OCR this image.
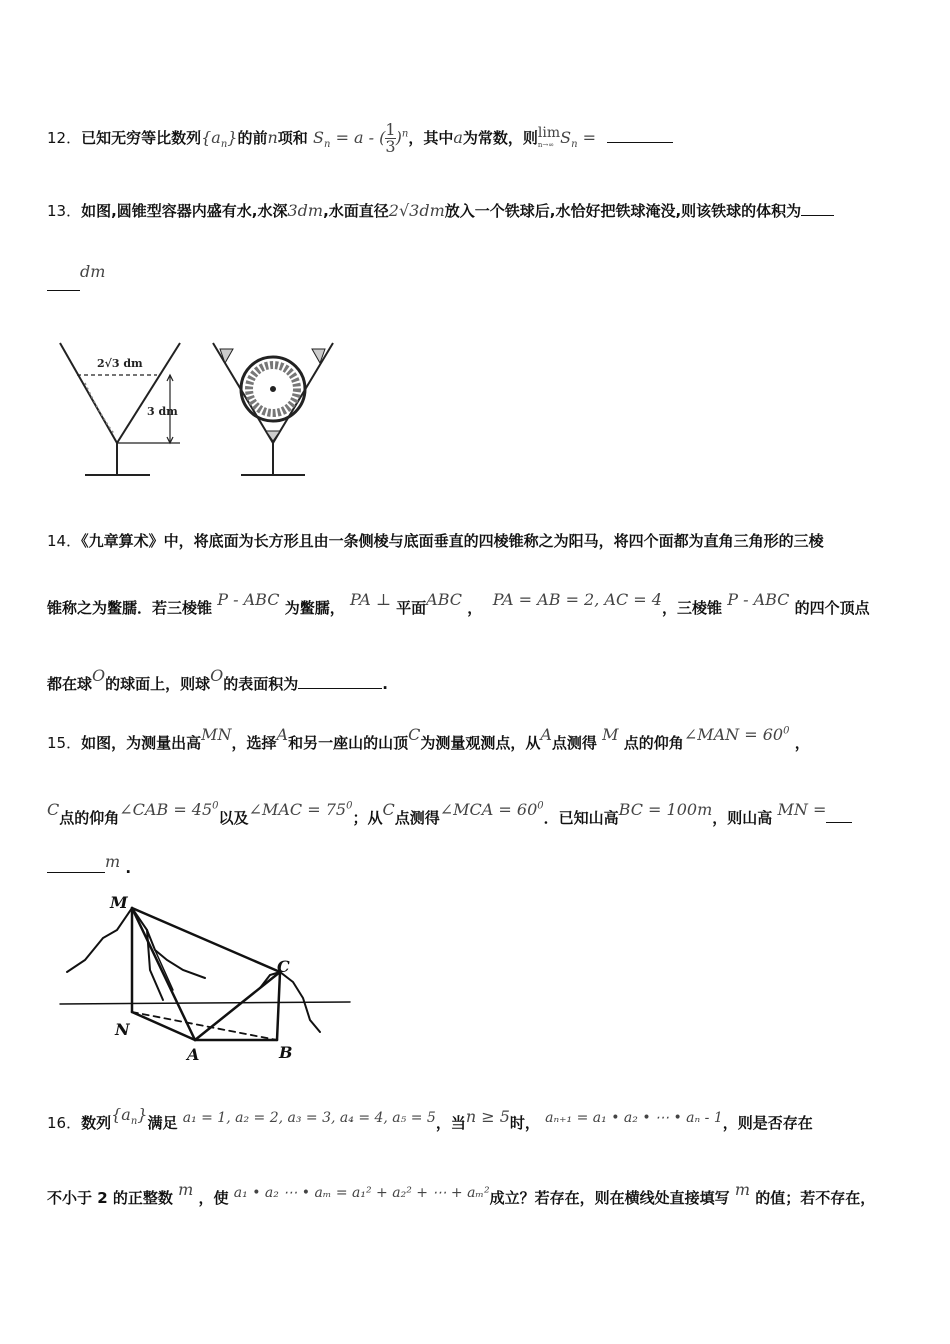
12．已知无穷等比数列$\{a_n\}$的前n项和 $S_n = a$ - ( $\frac{1}{3} )^n$，其中a为常数，则 lim
n→∞ $S_n$ =
13．如图,圆锥型容器内盛有水,水深3dm,水面直径2√3dm放入一个铁球后,水恰好把铁球淹没,则该铁球的体积为
dm
2√3 dm
3 dm
14．《九章算术》中，将底面为长方形且由一条侧棱与底面垂直的四棱锥称之为阳马，将四个面都为直角三角形的三棱
锥称之为鳖臑．若三棱锥 P - ABC 为鳖臑， PA ⊥ 平面ABC ， PA = AB = 2, AC = 4，三棱锥 P - ABC 的四个顶点
都在球O的球面上，则球O的表面积为	.
15．如图，为测量出高MN，选择A和另一座山的山顶C为测量观测点，从A点测得 M 点的仰角∠MAN = $60^0$ ，
C点的仰角∠CAB = $45^0$以及∠MAC = $75^0$；从C点测得∠MCA = $60^0$．已知山高BC = 100m，则山高 MN =
m .
M
N
A	B
C
16．数列$\{a_n\}$满足 a₁ = 1, a₂ = 2, a₃ = 3, a₄ = 4, a₅ = 5，当n ≥ 5时， aₙ₊₁ = a₁ • a₂ • ⋯ • aₙ - 1，则是否存在
不小于 2 的正整数 m ，使 a₁ • a₂ ⋯ • aₘ = a₁² + a₂² + ⋯ + aₘ²成立？若存在，则在横线处直接填写 m 的值；若不存在，
